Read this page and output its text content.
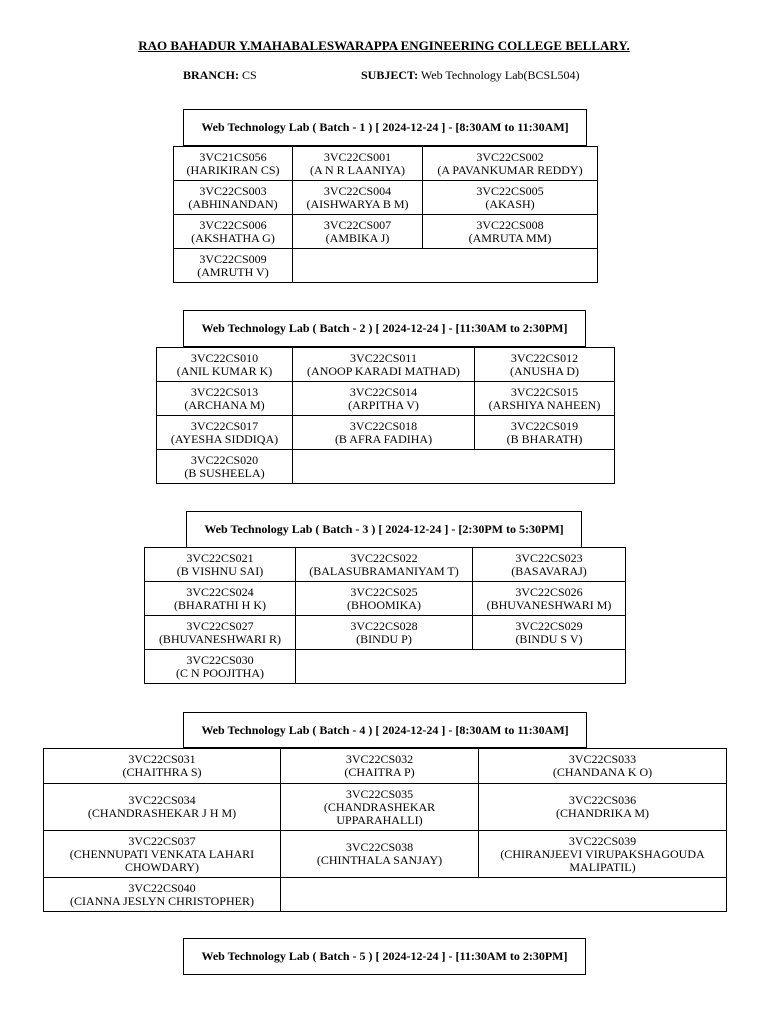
RAO BAHADUR Y.MAHABALESWARAPPA ENGINEERING COLLEGE BELLARY.
BRANCH: CS	SUBJECT: Web Technology Lab(BCSL504)
Web Technology Lab ( Batch - 1 ) [ 2024-12-24 ] - [8:30AM to 11:30AM]
3VC21CS056
(HARIKIRAN CS)	3VC22CS001
(A N R LAANIYA)	3VC22CS002
(A PAVANKUMAR REDDY)

3VC22CS003
(ABHINANDAN)	3VC22CS004
(AISHWARYA B M)	3VC22CS005
(AKASH)

3VC22CS006
(AKSHATHA G)	3VC22CS007
(AMBIKA J)	3VC22CS008
(AMRUTA MM)

3VC22CS009
(AMRUTH V)		

Web Technology Lab ( Batch - 2 ) [ 2024-12-24 ] - [11:30AM to 2:30PM]
3VC22CS010
(ANIL KUMAR K)	3VC22CS011
(ANOOP KARADI MATHAD)	3VC22CS012
(ANUSHA D)

3VC22CS013
(ARCHANA M)	3VC22CS014
(ARPITHA V)	3VC22CS015
(ARSHIYA NAHEEN)

3VC22CS017
(AYESHA SIDDIQA)	3VC22CS018
(B AFRA FADIHA)	3VC22CS019
(B BHARATH)

3VC22CS020
(B SUSHEELA)		

Web Technology Lab ( Batch - 3 ) [ 2024-12-24 ] - [2:30PM to 5:30PM]
3VC22CS021
(B VISHNU SAI)	3VC22CS022
(BALASUBRAMANIYAM T)	3VC22CS023
(BASAVARAJ)

3VC22CS024
(BHARATHI H K)	3VC22CS025
(BHOOMIKA)	3VC22CS026
(BHUVANESHWARI M)

3VC22CS027
(BHUVANESHWARI R)	3VC22CS028
(BINDU P)	3VC22CS029
(BINDU S V)

3VC22CS030
(C N POOJITHA)		

Web Technology Lab ( Batch - 4 ) [ 2024-12-24 ] - [8:30AM to 11:30AM]
3VC22CS031
(CHAITHRA S)	3VC22CS032
(CHAITRA P)	3VC22CS033
(CHANDANA K O)

3VC22CS034
(CHANDRASHEKAR J H M)	3VC22CS035
(CHANDRASHEKAR UPPARAHALLI)	3VC22CS036
(CHANDRIKA M)

3VC22CS037
(CHENNUPATI VENKATA LAHARI CHOWDARY)	3VC22CS038
(CHINTHALA SANJAY)	3VC22CS039
(CHIRANJEEVI VIRUPAKSHAGOUDA MALIPATIL)

3VC22CS040
(CIANNA JESLYN CHRISTOPHER)		

Web Technology Lab ( Batch - 5 ) [ 2024-12-24 ] - [11:30AM to 2:30PM]
